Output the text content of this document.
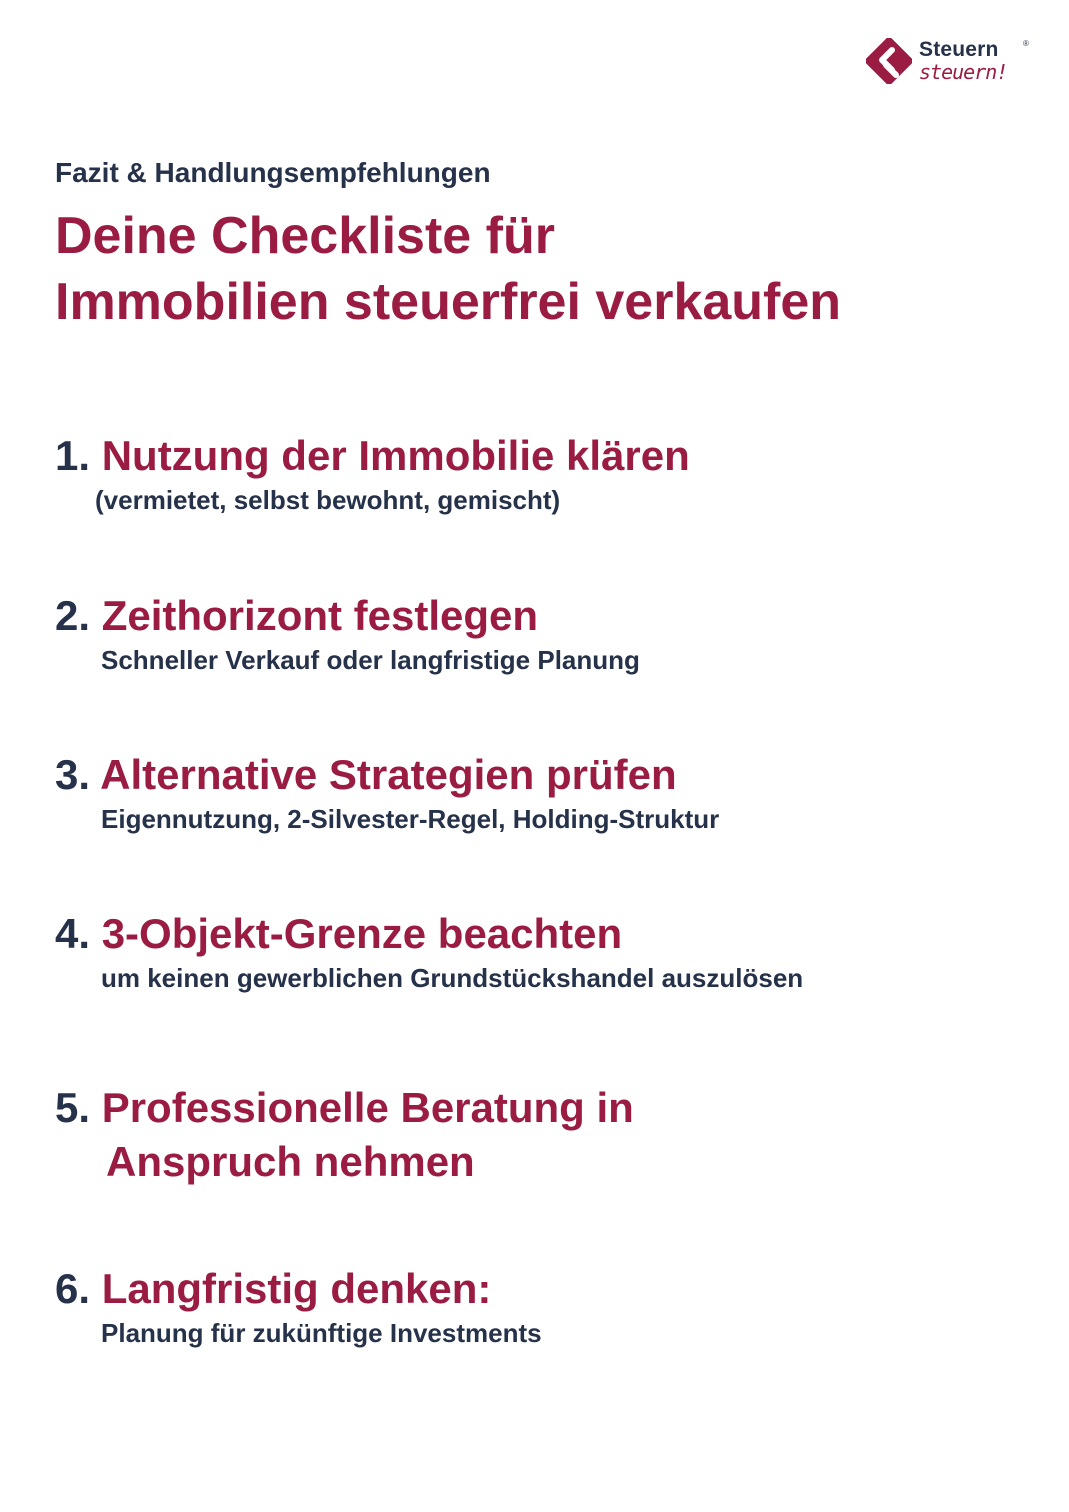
Steuern	®
steuern!
Fazit & Handlungsempfehlungen
Deine Checkliste für
Immobilien steuerfrei verkaufen
1. Nutzung der Immobilie klären
(vermietet, selbst bewohnt, gemischt)
2. Zeithorizont festlegen
Schneller Verkauf oder langfristige Planung
3. Alternative Strategien prüfen
Eigennutzung, 2-Silvester-Regel, Holding-Struktur
4. 3-Objekt-Grenze beachten
um keinen gewerblichen Grundstückshandel auszulösen
5. Professionelle Beratung in
Anspruch nehmen
6. Langfristig denken:
Planung für zukünftige Investments
